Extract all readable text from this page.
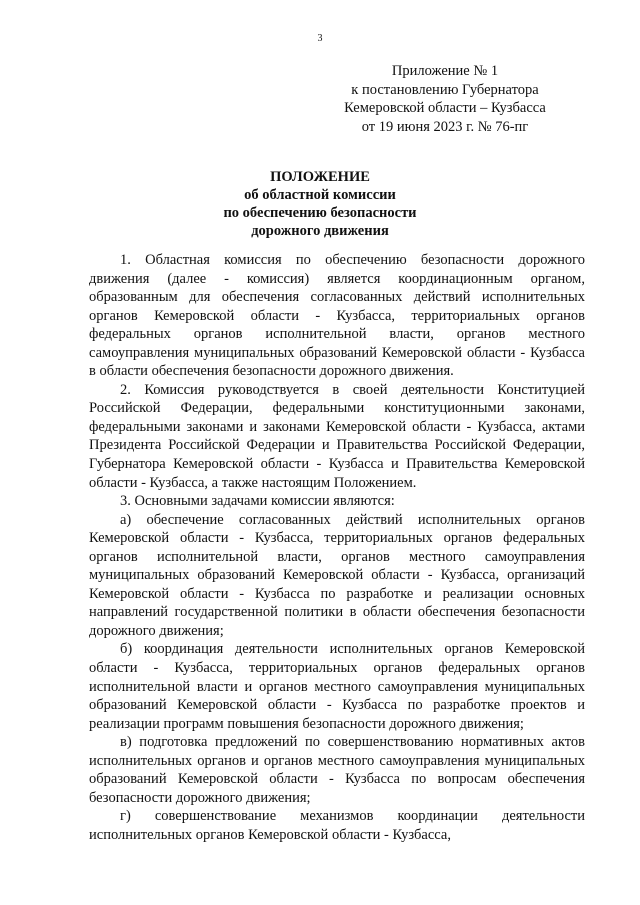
3
Приложение № 1
к постановлению Губернатора
Кемеровской области – Кузбасса
от 19 июня 2023 г. № 76-пг
ПОЛОЖЕНИЕ
об областной комиссии
по обеспечению безопасности
дорожного движения

1. Областная комиссия по обеспечению безопасности дорожного движения (далее - комиссия) является координационным органом, образованным для обеспечения согласованных действий исполнительных органов Кемеровской области - Кузбасса, территориальных органов федеральных органов исполнительной власти, органов местного самоуправления муниципальных образований Кемеровской области - Кузбасса в области обеспечения безопасности дорожного движения.

2. Комиссия руководствуется в своей деятельности Конституцией Российской Федерации, федеральными конституционными законами, федеральными законами и законами Кемеровской области - Кузбасса, актами Президента Российской Федерации и Правительства Российской Федерации, Губернатора Кемеровской области - Кузбасса и Правительства Кемеровской области - Кузбасса, а также настоящим Положением.

3. Основными задачами комиссии являются:

а) обеспечение согласованных действий исполнительных органов Кемеровской области - Кузбасса, территориальных органов федеральных органов исполнительной власти, органов местного самоуправления муниципальных образований Кемеровской области - Кузбасса, организаций Кемеровской области - Кузбасса по разработке и реализации основных направлений государственной политики в области обеспечения безопасности дорожного движения;

б) координация деятельности исполнительных органов Кемеровской области - Кузбасса, территориальных органов федеральных органов исполнительной власти и органов местного самоуправления муниципальных образований Кемеровской области - Кузбасса по разработке проектов и реализации программ повышения безопасности дорожного движения;

в) подготовка предложений по совершенствованию нормативных актов исполнительных органов и органов местного самоуправления муниципальных образований Кемеровской области - Кузбасса по вопросам обеспечения безопасности дорожного движения;

г) совершенствование механизмов координации деятельности исполнительных органов Кемеровской области - Кузбасса,
